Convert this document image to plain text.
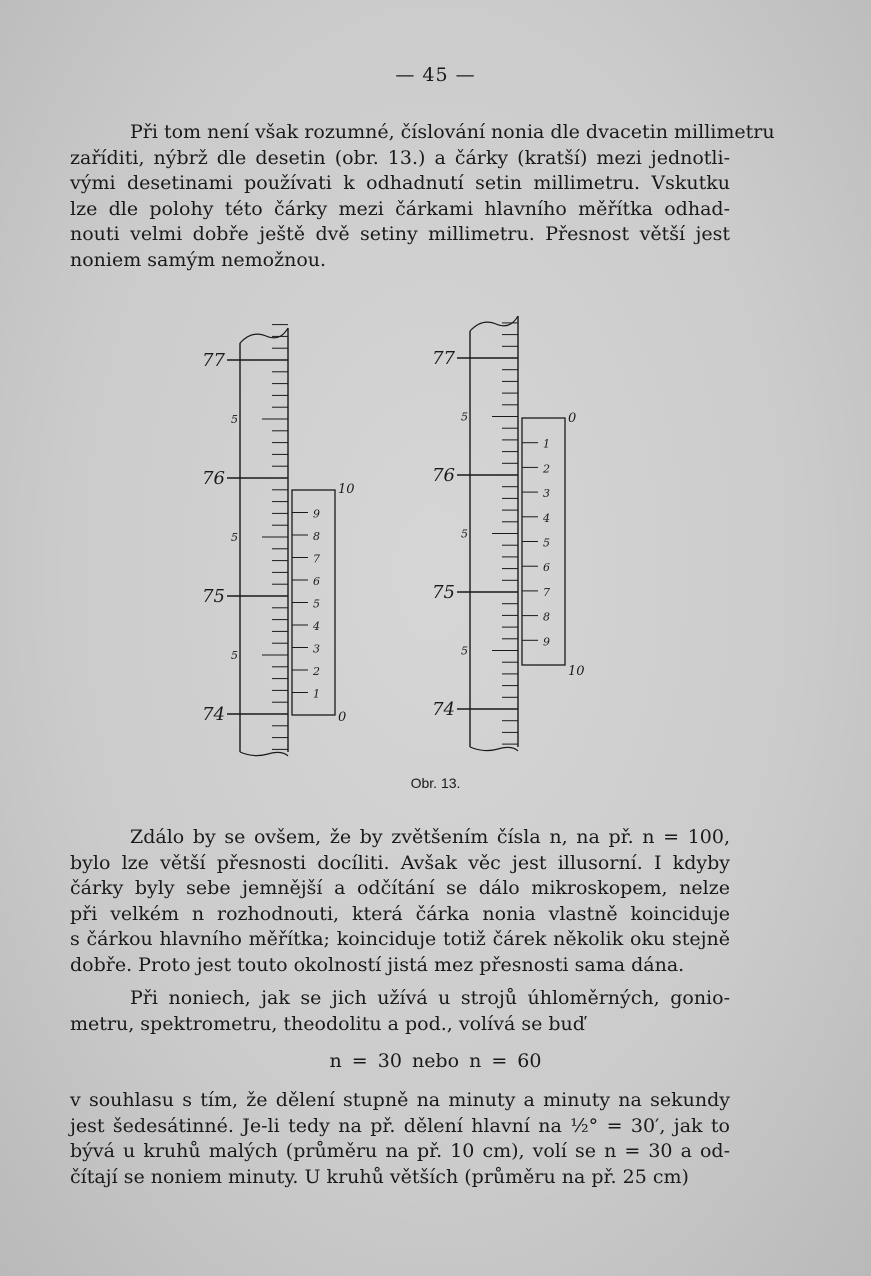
— 45 —

Při tom není však rozumné, číslování nonia dle dvacetin millimetru
zaříditi, nýbrž dle desetin (obr. 13.) a čárky (kratší) mezi jednotli-
vými desetinami používati k odhadnutí setin millimetru. Vskutku
lze dle polohy této čárky mezi čárkami hlavního měřítka odhad-
nouti velmi dobře ještě dvě setiny millimetru. Přesnost větší jest
noniem samým nemožnou.

77
76
75
74
5
5
5
9
8
7
6
5
4
3
2
1
10
0
77
76
75
74
5
5
5
1
2
3
4
5
6
7
8
9
0
10
Obr. 13.

Zdálo by se ovšem, že by zvětšením čísla n, na př. n = 100,
bylo lze větší přesnosti docíliti. Avšak věc jest illusorní. I kdyby
čárky byly sebe jemnější a odčítání se dálo mikroskopem, nelze
při velkém n rozhodnouti, která čárka nonia vlastně koinciduje
s čárkou hlavního měřítka; koinciduje totiž čárek několik oku stejně
dobře. Proto jest touto okolností jistá mez přesnosti sama dána.

Při noniech, jak se jich užívá u strojů úhloměrných, gonio-
metru, spektrometru, theodolitu a pod., volívá se buď

n = 30 nebo n = 60

v souhlasu s tím, že dělení stupně na minuty a minuty na sekundy
jest šedesátinné. Je-li tedy na př. dělení hlavní na ½° = 30′, jak to
bývá u kruhů malých (průměru na př. 10 cm), volí se n = 30 a od-
čítají se noniem minuty. U kruhů větších (průměru na př. 25 cm)
